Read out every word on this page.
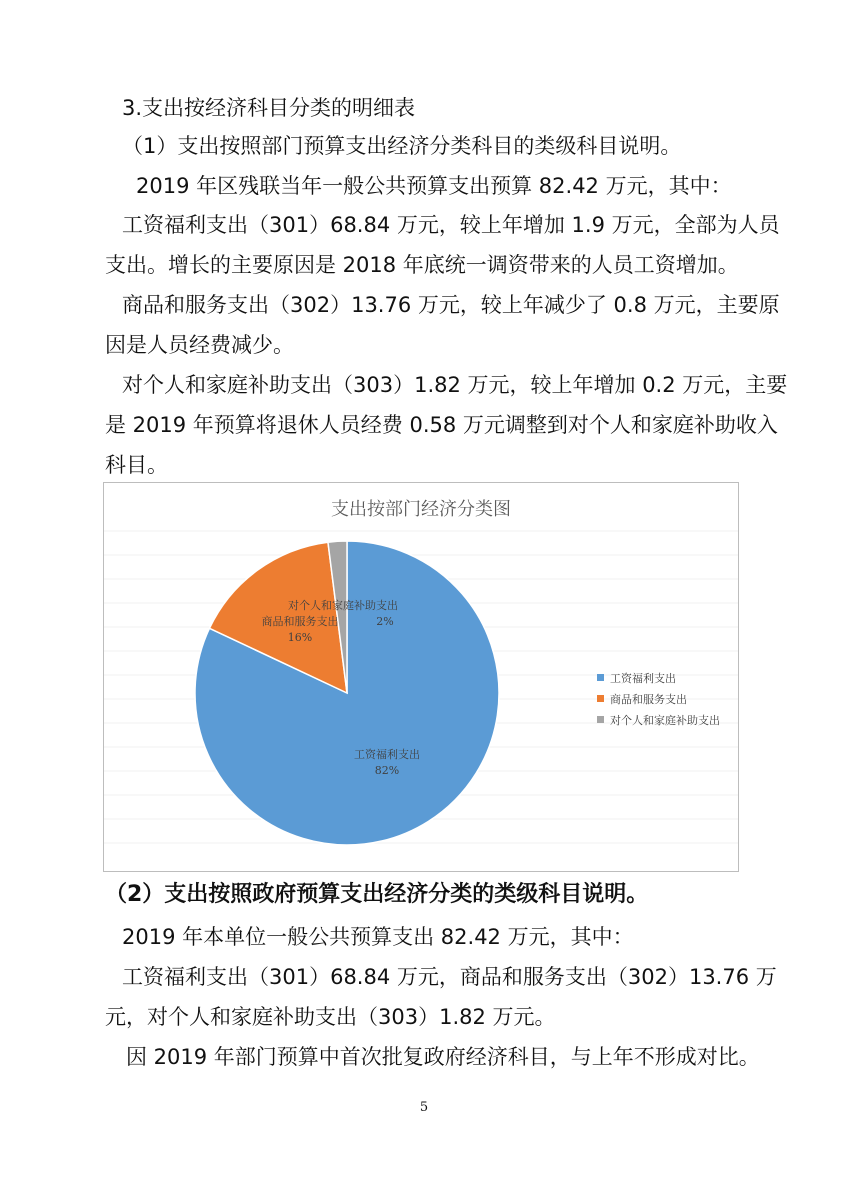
3.支出按经济科目分类的明细表
（1）支出按照部门预算支出经济分类科目的类级科目说明。
2019 年区残联当年一般公共预算支出预算 82.42 万元，其中：
工资福利支出（301）68.84 万元，较上年增加 1.9 万元，全部为人员
支出。增长的主要原因是 2018 年底统一调资带来的人员工资增加。
商品和服务支出（302）13.76 万元，较上年减少了 0.8 万元，主要原
因是人员经费减少。
对个人和家庭补助支出（303）1.82 万元，较上年增加 0.2 万元，主要
是 2019 年预算将退休人员经费 0.58 万元调整到对个人和家庭补助收入
科目。
支出按部门经济分类图
工资福利支出
82%
商品和服务支出
16%
对个人和家庭补助支出
2%
工资福利支出
商品和服务支出
对个人和家庭补助支出
（2）支出按照政府预算支出经济分类的类级科目说明。
2019 年本单位一般公共预算支出 82.42 万元，其中：
工资福利支出（301）68.84 万元，商品和服务支出（302）13.76 万
元，对个人和家庭补助支出（303）1.82 万元。
因 2019 年部门预算中首次批复政府经济科目，与上年不形成对比。
5
